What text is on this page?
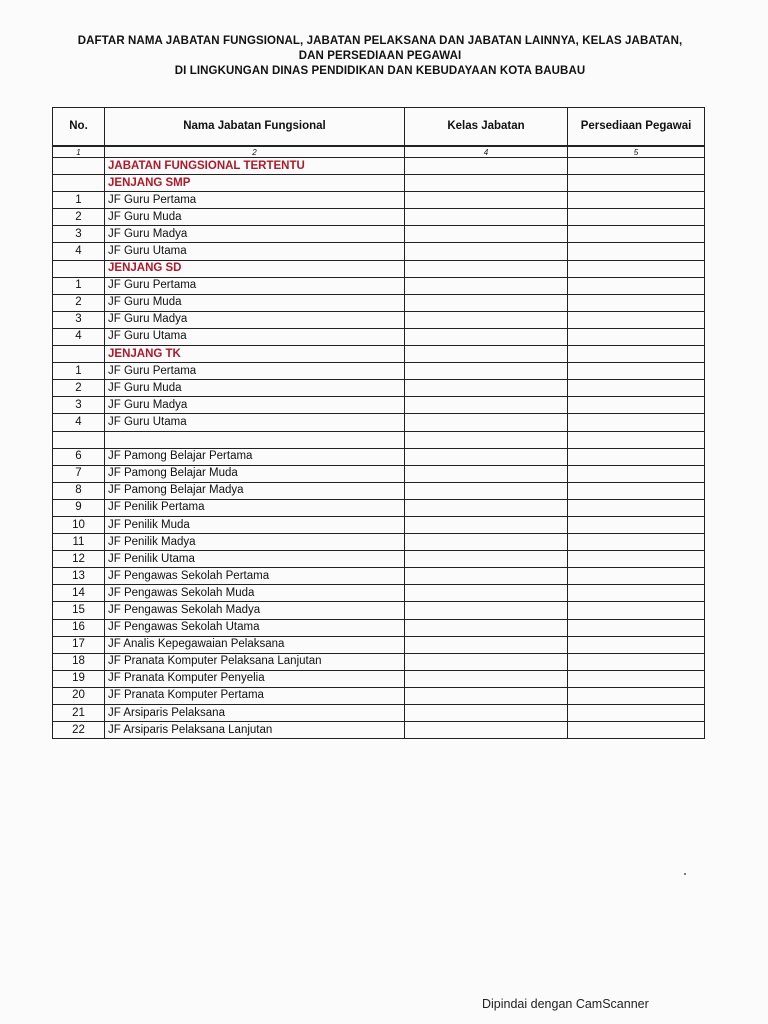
DAFTAR NAMA JABATAN FUNGSIONAL, JABATAN PELAKSANA DAN JABATAN LAINNYA, KELAS JABATAN,
DAN PERSEDIAAN PEGAWAI
DI LINGKUNGAN DINAS PENDIDIKAN DAN KEBUDAYAAN KOTA BAUBAU
No.	Nama Jabatan Fungsional	Kelas Jabatan	Persediaan Pegawai
1	2	4	5
	JABATAN FUNGSIONAL TERTENTU		
	JENJANG SMP		
1	JF Guru Pertama		
2	JF Guru Muda		
3	JF Guru Madya		
4	JF Guru Utama		
	JENJANG SD		
1	JF Guru Pertama		
2	JF Guru Muda		
3	JF Guru Madya		
4	JF Guru Utama		
	JENJANG TK		
1	JF Guru Pertama		
2	JF Guru Muda		
3	JF Guru Madya		
4	JF Guru Utama		

6	JF Pamong Belajar Pertama		
7	JF Pamong Belajar Muda		
8	JF Pamong Belajar Madya		
9	JF Penilik Pertama		
10	JF Penilik Muda		
11	JF Penilik Madya		
12	JF Penilik Utama		
13	JF Pengawas Sekolah Pertama		
14	JF Pengawas Sekolah Muda		
15	JF Pengawas Sekolah Madya		
16	JF Pengawas Sekolah Utama		
17	JF Analis Kepegawaian Pelaksana		
18	JF Pranata Komputer Pelaksana Lanjutan		
19	JF Pranata Komputer Penyelia		
20	JF Pranata Komputer Pertama		
21	JF Arsiparis Pelaksana		
22	JF Arsiparis Pelaksana Lanjutan		
Dipindai dengan CamScanner
